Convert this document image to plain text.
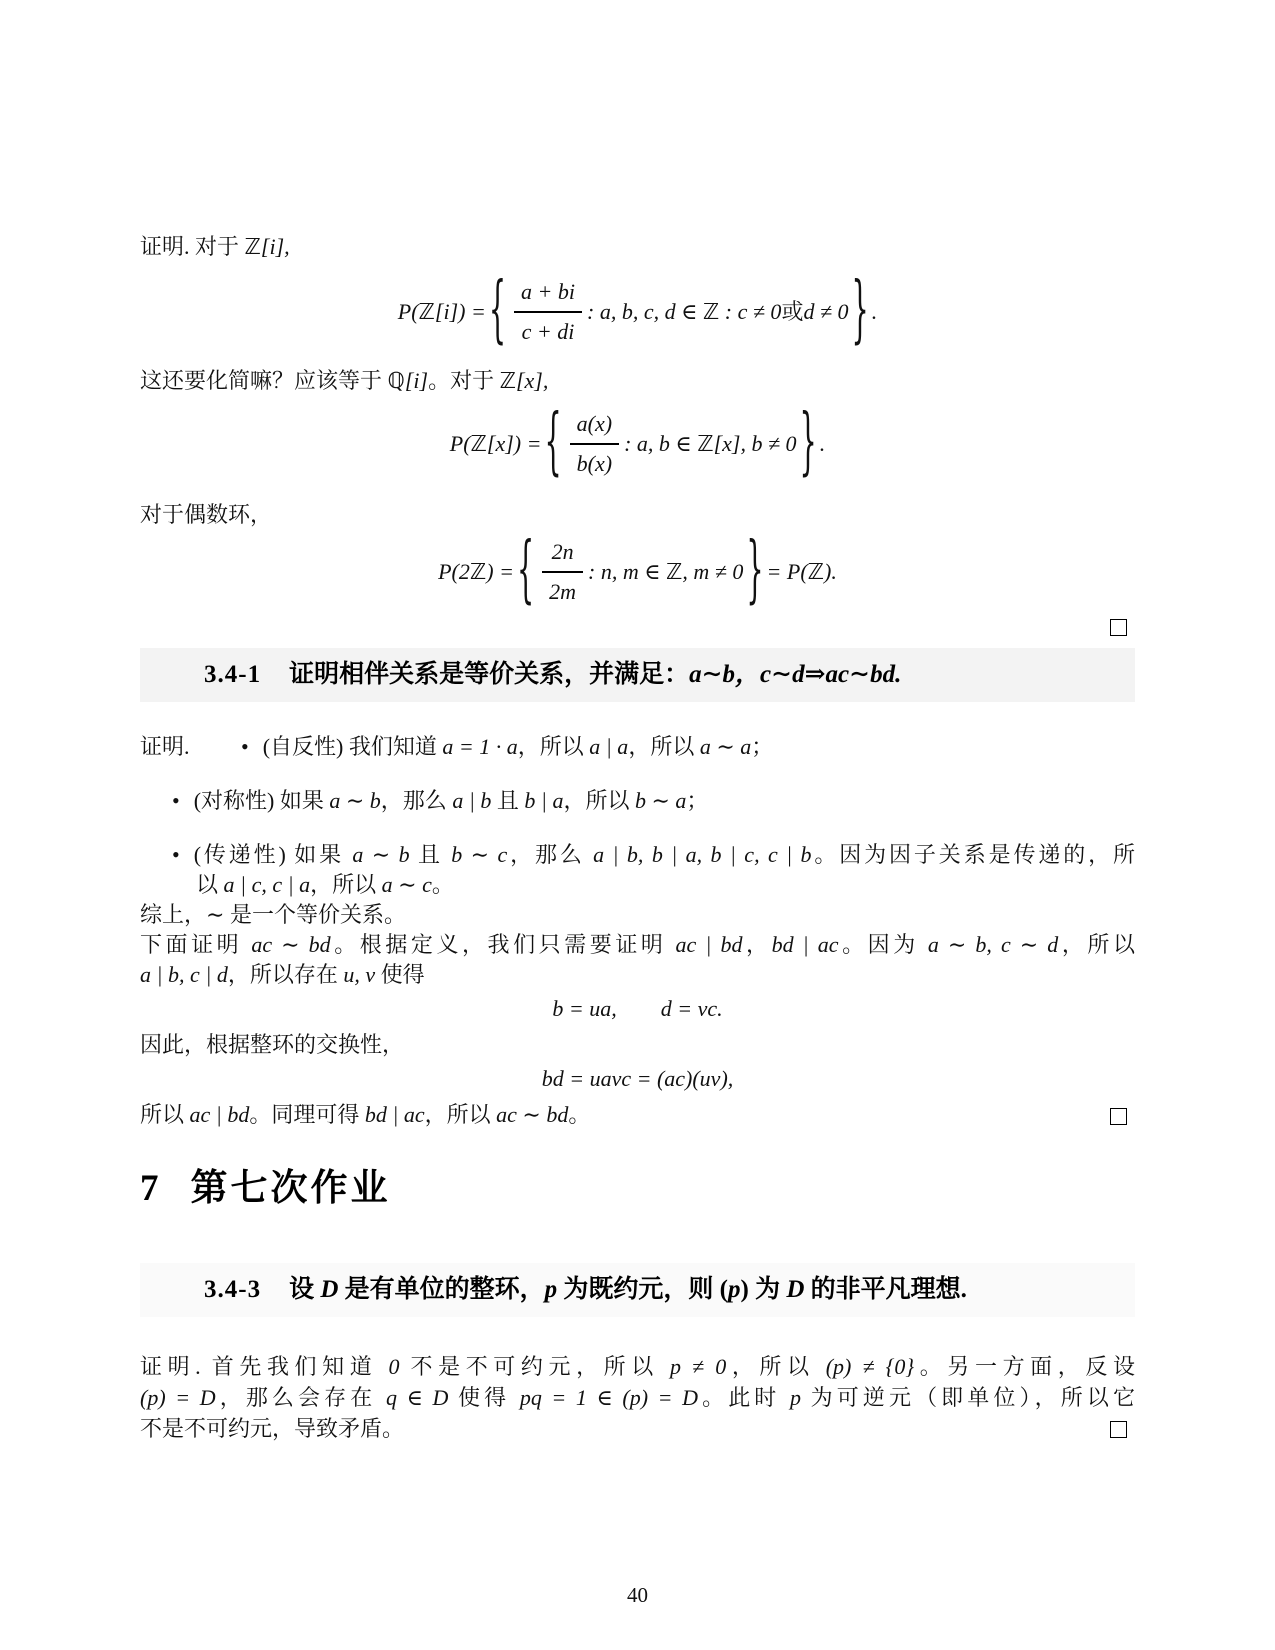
证明. 对于 ℤ[i],
P(ℤ[i]) = { $\frac{a + bi}{c + di}$ : a, b, c, d ∈ ℤ : c ≠ 0或d ≠ 0 } .
这还要化简嘛？应该等于 ℚ[i]。对于 ℤ[x],
P(ℤ[x]) = { $\frac{a(x)}{b(x)}$ : a, b ∈ ℤ[x], b ≠ 0 } .
对于偶数环，
P(2ℤ) = { $\frac{2n}{2m}$ : n, m ∈ ℤ, m ≠ 0 } = P(ℤ).
3.4-1 证明相伴关系是等价关系，并满足：a∼b，c∼d⇒ac∼bd.
证明. • (自反性) 我们知道 a = 1 · a，所以 a | a，所以 a ∼ a；
• (对称性) 如果 a ∼ b，那么 a | b 且 b | a，所以 b ∼ a；
• (传递性) 如果 a ∼ b 且 b ∼ c，那么 a | b, b | a, b | c, c | b。因为因子关系是传递的，所
以 a | c, c | a，所以 a ∼ c。
综上，∼ 是一个等价关系。
下面证明 ac ∼ bd。根据定义，我们只需要证明 ac | bd，bd | ac。因为 a ∼ b, c ∼ d，所以
a | b, c | d，所以存在 u, v 使得
b = ua,  d = vc.
因此，根据整环的交换性，
bd = uavc = (ac)(uv),
所以 ac | bd。同理可得 bd | ac，所以 ac ∼ bd。
7 第七次作业
3.4-3 设 D 是有单位的整环，p 为既约元，则 (p) 为 D 的非平凡理想.
证明. 首先我们知道 0 不是不可约元，所以 p ≠ 0，所以 (p) ≠ {0}。另一方面，反设
(p) = D，那么会存在 q ∈ D 使得 pq = 1 ∈ (p) = D。此时 p 为可逆元（即单位），所以它
不是不可约元，导致矛盾。
40
